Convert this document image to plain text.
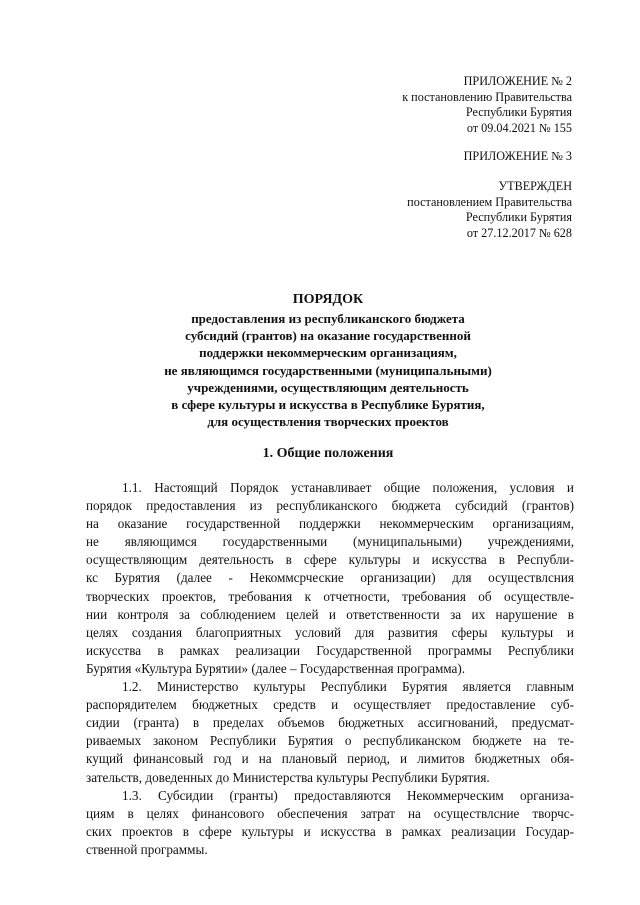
ПРИЛОЖЕНИЕ № 2
к постановлению Правительства
Республики Бурятия
от 09.04.2021 № 155
ПРИЛОЖЕНИЕ № 3
УТВЕРЖДЕН
постановлением Правительства
Республики Бурятия
от 27.12.2017 № 628
ПОРЯДОК
предоставления из республиканского бюджета
субсидий (грантов) на оказание государственной
поддержки некоммерческим организациям,
не являющимся государственными (муниципальными)
учреждениями, осуществляющим деятельность
в сфере культуры и искусства в Республике Бурятия,
для осуществления творческих проектов
1. Общие положения
1.1. Настоящий Порядок устанавливает общие положения, условия и
порядок предоставления из республиканского бюджета субсидий (грантов)
на оказание государственной поддержки некоммерческим организациям,
не являющимся государственными (муниципальными) учреждениями,
осуществляющим деятельность в сфере культуры и искусства в Республи-
кс Бурятия (далее - Некоммсрческие организации) для осуществлсния
творческих проектов, требования к отчетности, требования об осуществле-
нии контроля за соблюдением целей и ответственности за их нарушение в
целях создания благоприятных условий для развития сферы культуры и
искусства в рамках реализации Государственной программы Республики
Бурятия «Культура Бурятии» (далее – Государственная программа).
1.2. Министерство культуры Республики Бурятия является главным
распорядителем бюджетных средств и осуществляет предоставление суб-
сидии (гранта) в пределах объемов бюджетных ассигнований, предусмат-
риваемых законом Республики Бурятия о республиканском бюджете на те-
кущий финансовый год и на плановый период, и лимитов бюджетных обя-
зательств, доведенных до Министерства культуры Республики Бурятия.
1.3. Субсидии (гранты) предоставляются Некоммерческим организа-
циям в целях финансового обеспечения затрат на осуществлсние творчс-
ских проектов в сфере культуры и искусства в рамках реализации Государ-
ственной программы.
